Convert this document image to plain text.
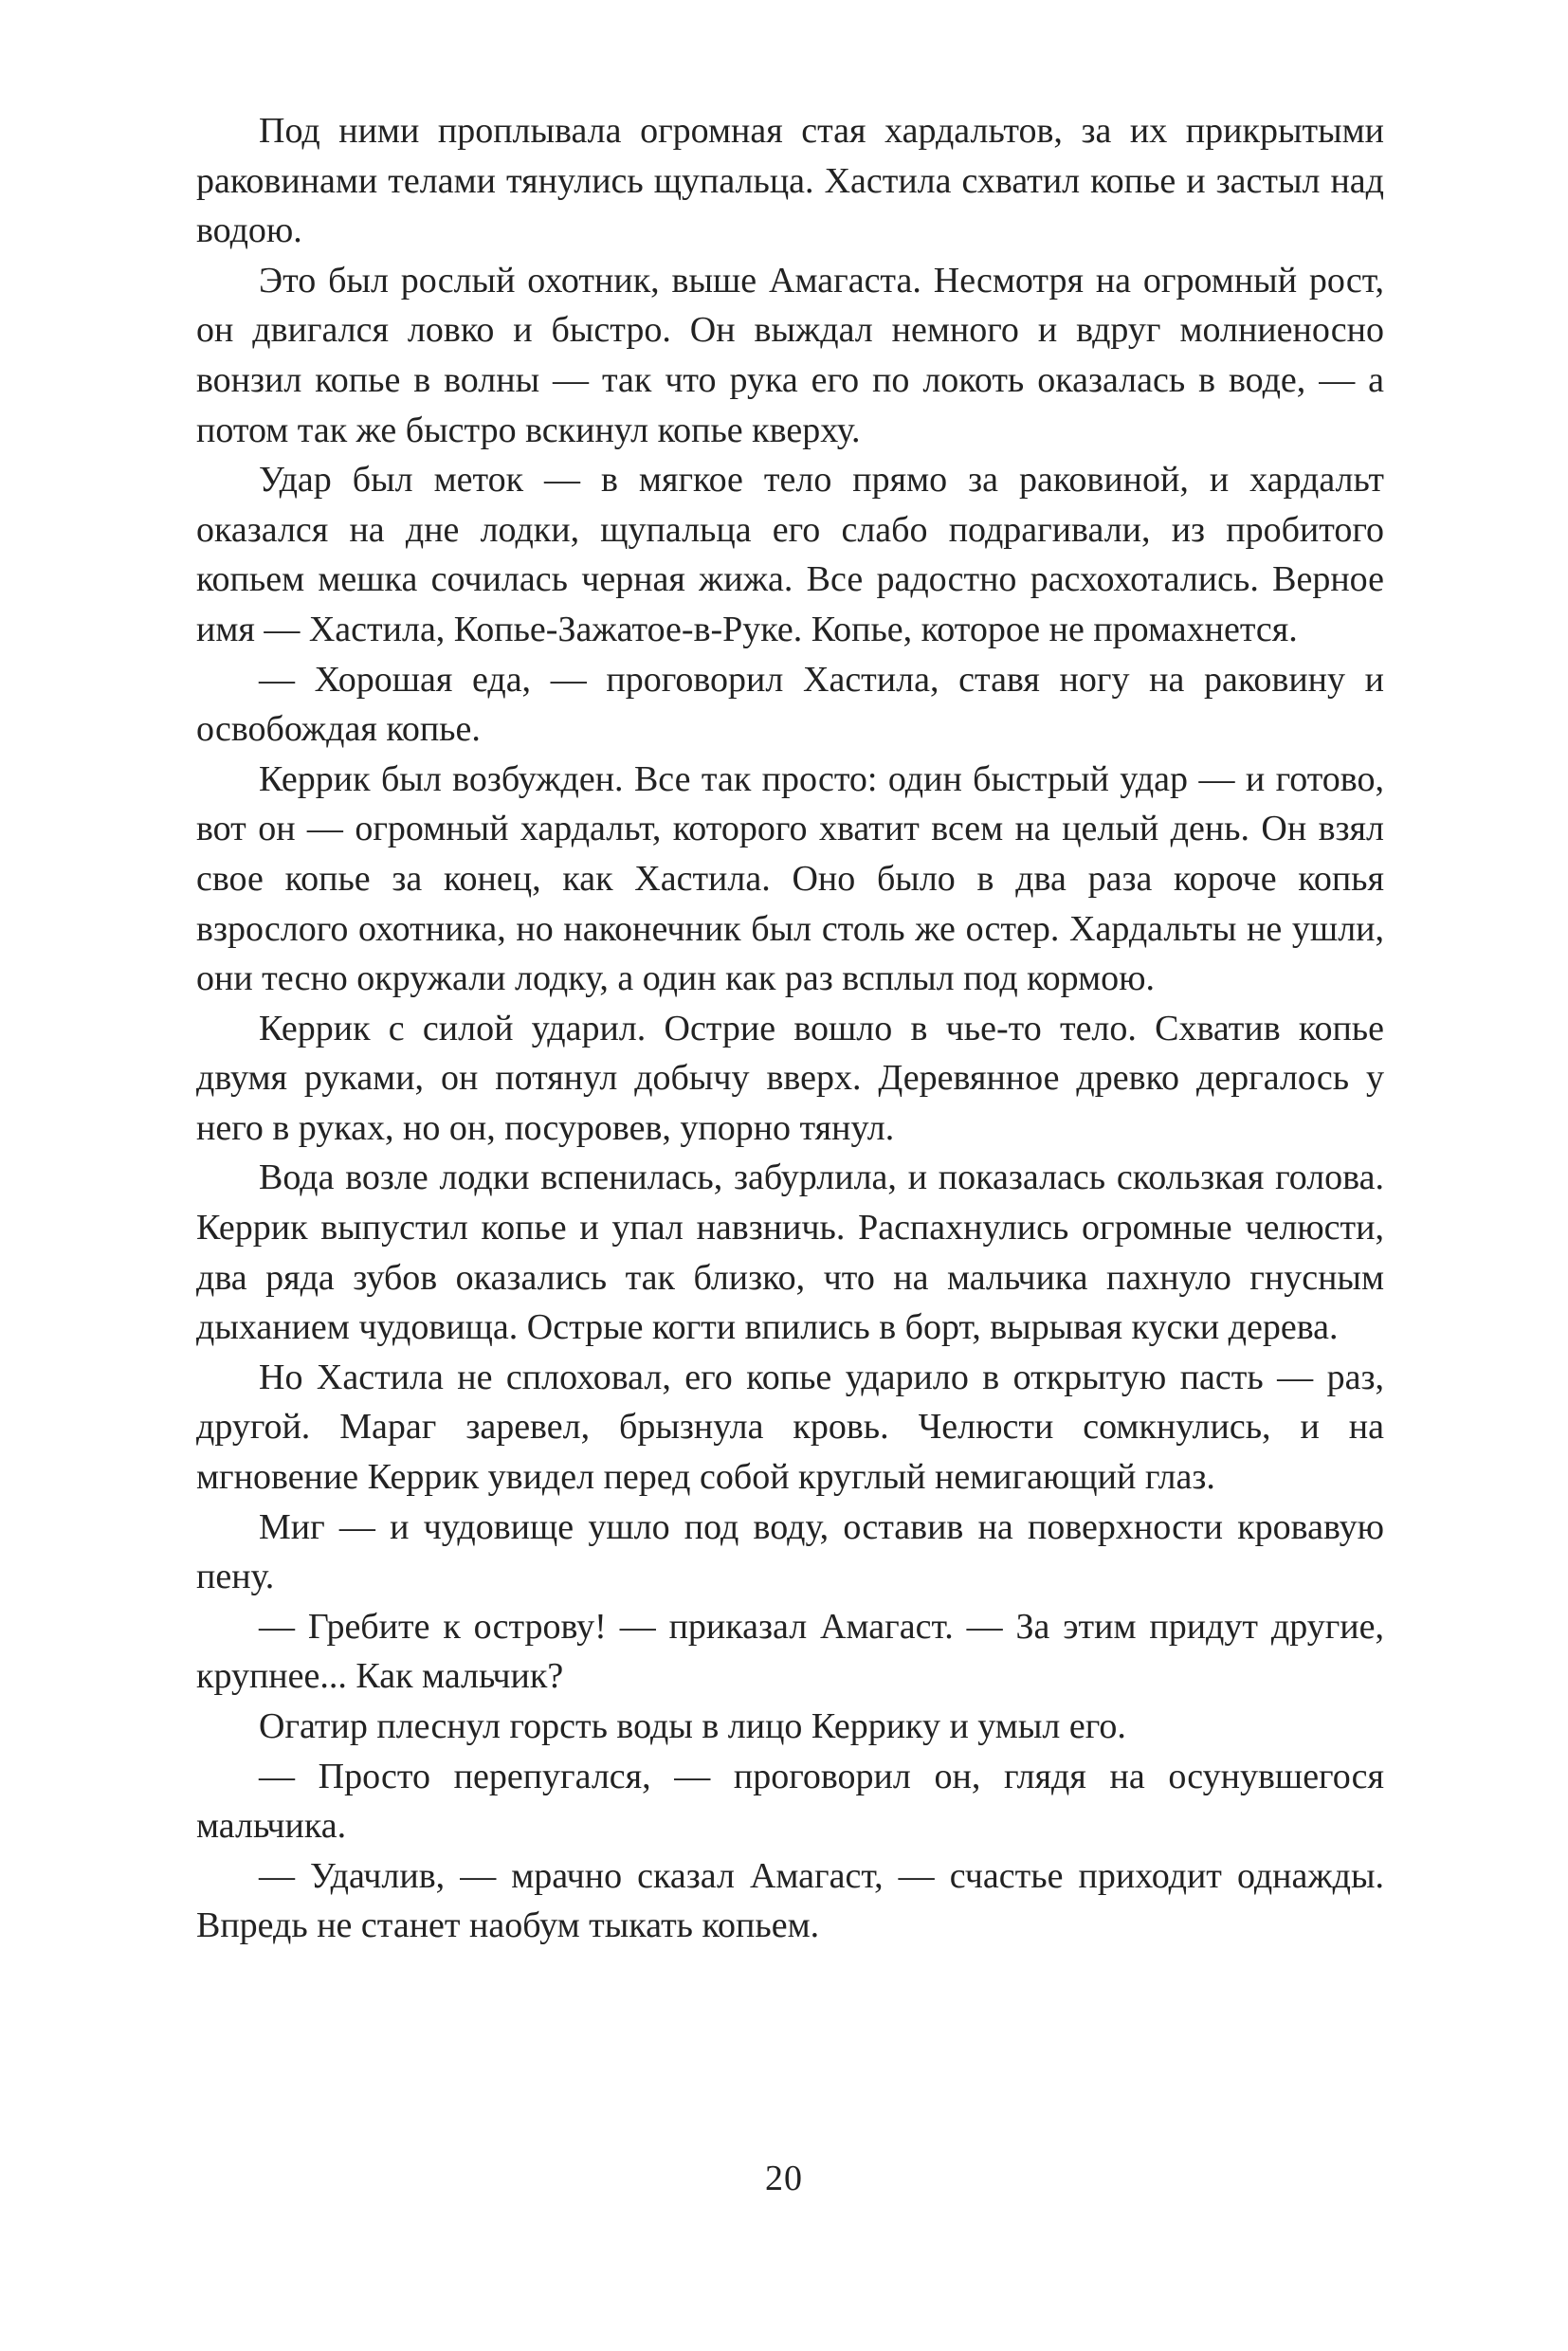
Под ними проплывала огромная стая хардальтов, за их прикрытыми раковинами телами тянулись щупальца. Хастила схватил копье и застыл над водою.

Это был рослый охотник, выше Амагаста. Несмотря на огромный рост, он двигался ловко и быстро. Он выждал немного и вдруг молниеносно вонзил копье в волны — так что рука его по локоть оказалась в воде, — а потом так же быстро вскинул копье кверху.

Удар был меток — в мягкое тело прямо за раковиной, и хардальт оказался на дне лодки, щупальца его слабо подрагивали, из пробитого копьем мешка сочилась черная жижа. Все радостно расхохотались. Верное имя — Хастила, Копье-Зажатое-в-Руке. Копье, которое не промахнется.

— Хорошая еда, — проговорил Хастила, ставя ногу на раковину и освобождая копье.

Керрик был возбужден. Все так просто: один быстрый удар — и готово, вот он — огромный хардальт, которого хватит всем на целый день. Он взял свое копье за конец, как Хастила. Оно было в два раза короче копья взрослого охотника, но наконечник был столь же остер. Хардальты не ушли, они тесно окружали лодку, а один как раз всплыл под кормою.

Керрик с силой ударил. Острие вошло в чье-то тело. Схватив копье двумя руками, он потянул добычу вверх. Деревянное древко дергалось у него в руках, но он, посуровев, упорно тянул.

Вода возле лодки вспенилась, забурлила, и показалась скользкая голова. Керрик выпустил копье и упал навзничь. Распахнулись огромные челюсти, два ряда зубов оказались так близко, что на мальчика пахнуло гнусным дыханием чудовища. Острые когти впились в борт, вырывая куски дерева.

Но Хастила не сплоховал, его копье ударило в открытую пасть — раз, другой. Мараг заревел, брызнула кровь. Челюсти сомкнулись, и на мгновение Керрик увидел перед собой круглый немигающий глаз.

Миг — и чудовище ушло под воду, оставив на поверхности кровавую пену.

— Гребите к острову! — приказал Амагаст. — За этим придут другие, крупнее... Как мальчик?

Огатир плеснул горсть воды в лицо Керрику и умыл его.

— Просто перепугался, — проговорил он, глядя на осунувшегося мальчика.

— Удачлив, — мрачно сказал Амагаст, — счастье приходит однажды. Впредь не станет наобум тыкать копьем.

20
